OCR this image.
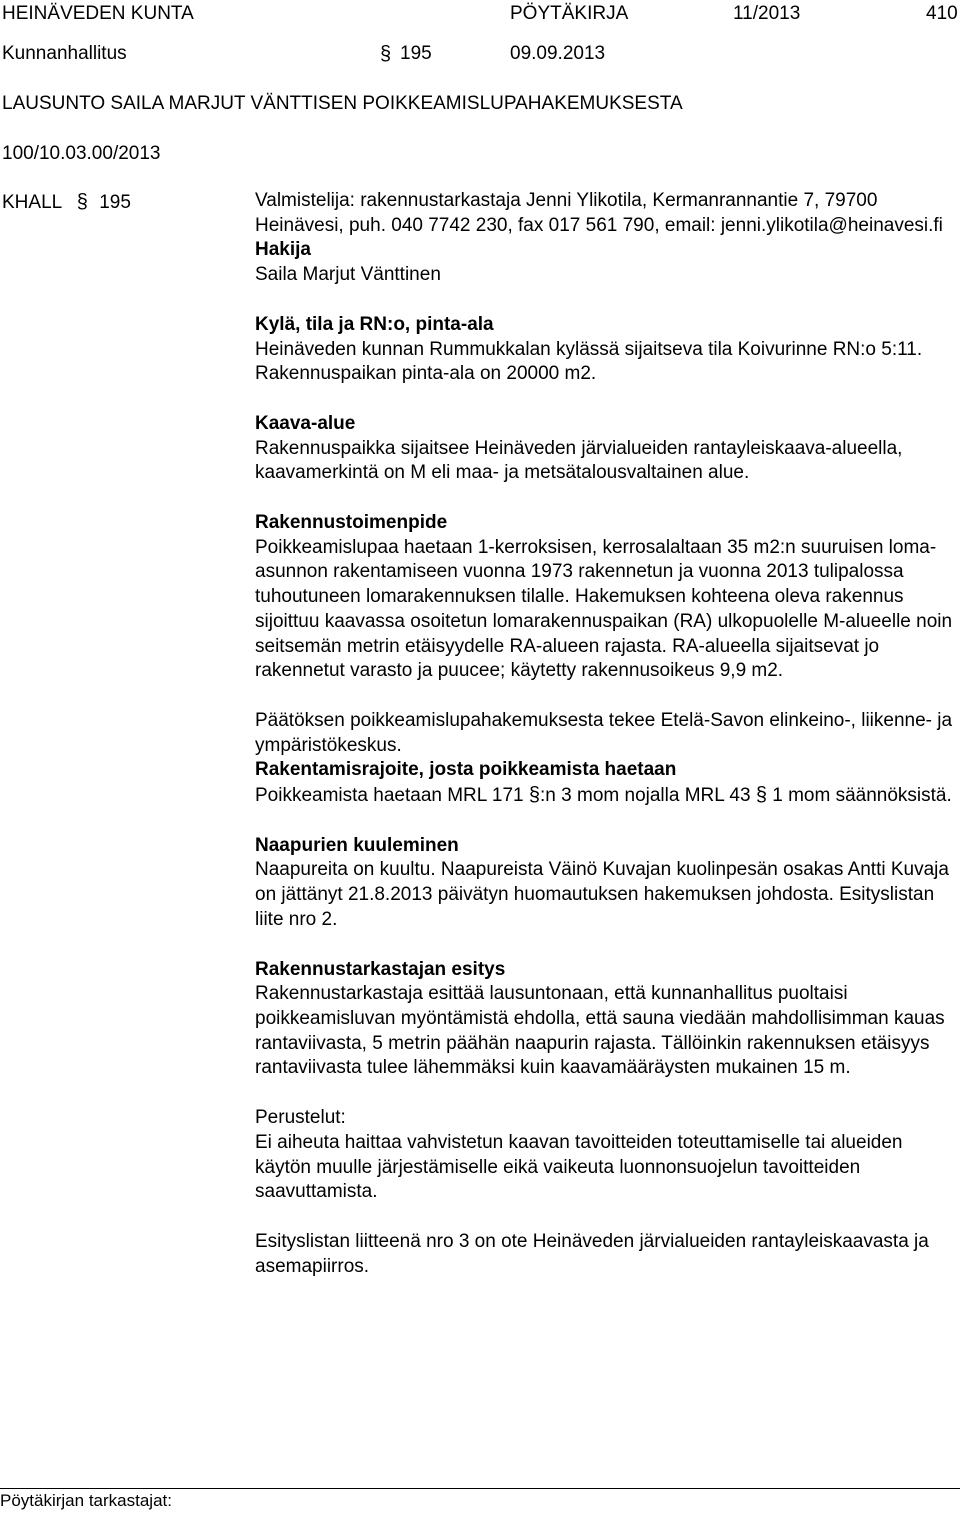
HEINÄVEDEN KUNTA	PÖYTÄKIRJA	11/2013	410
Kunnanhallitus	§ 195	09.09.2013
LAUSUNTO SAILA MARJUT VÄNTTISEN POIKKEAMISLUPAHAKEMUKSESTA
100/10.03.00/2013
KHALL § 195	Valmistelija: rakennustarkastaja Jenni Ylikotila, Kermanrannantie 7, 79700 Heinävesi, puh. 040 7742 230, fax 017 561 790, email: jenni.ylikotila@heinavesi.fi

Hakija

Saila Marjut Vänttinen

Kylä, tila ja RN:o, pinta-ala

Heinäveden kunnan Rummukkalan kylässä sijaitseva tila Koivurinne RN:o 5:11. Rakennuspaikan pinta-ala on 20000 m2.

Kaava-alue

Rakennuspaikka sijaitsee Heinäveden järvialueiden rantayleiskaava-alueella, kaavamerkintä on M eli maa- ja metsätalousvaltainen alue.

Rakennustoimenpide

Poikkeamislupaa haetaan 1-kerroksisen, kerrosalaltaan 35 m2:n suuruisen loma-asunnon rakentamiseen vuonna 1973 rakennetun ja vuonna 2013 tulipalossa tuhoutuneen lomarakennuksen tilalle. Hakemuksen kohteena oleva rakennus sijoittuu kaavassa osoitetun lomarakennuspaikan (RA) ulkopuolelle M-alueelle noin seitsemän metrin etäisyydelle RA-alueen rajasta. RA-alueella sijaitsevat jo rakennetut varasto ja puucee; käytetty rakennusoikeus 9,9 m2.

Päätöksen poikkeamislupahakemuksesta tekee Etelä-Savon elinkeino-, liikenne- ja ympäristökeskus.

Rakentamisrajoite, josta poikkeamista haetaan

Poikkeamista haetaan MRL 171 §:n 3 mom nojalla MRL 43 § 1 mom säännöksistä.

Naapurien kuuleminen

Naapureita on kuultu. Naapureista Väinö Kuvajan kuolinpesän osakas Antti Kuvaja on jättänyt 21.8.2013 päivätyn huomautuksen hakemuksen johdosta. Esityslistan liite nro 2.

Rakennustarkastajan esitys

Rakennustarkastaja esittää lausuntonaan, että kunnanhallitus puoltaisi poikkeamisluvan myöntämistä ehdolla, että sauna viedään mahdollisimman kauas rantaviivasta, 5 metrin päähän naapurin rajasta. Tällöinkin rakennuksen etäisyys rantaviivasta tulee lähemmäksi kuin kaavamääräysten mukainen 15 m.

Perustelut:

Ei aiheuta haittaa vahvistetun kaavan tavoitteiden toteuttamiselle tai alueiden käytön muulle järjestämiselle eikä vaikeuta luonnonsuojelun tavoitteiden saavuttamista.

Esityslistan liitteenä nro 3 on ote Heinäveden järvialueiden rantayleiskaavasta ja asemapiirros.

Pöytäkirjan tarkastajat:
